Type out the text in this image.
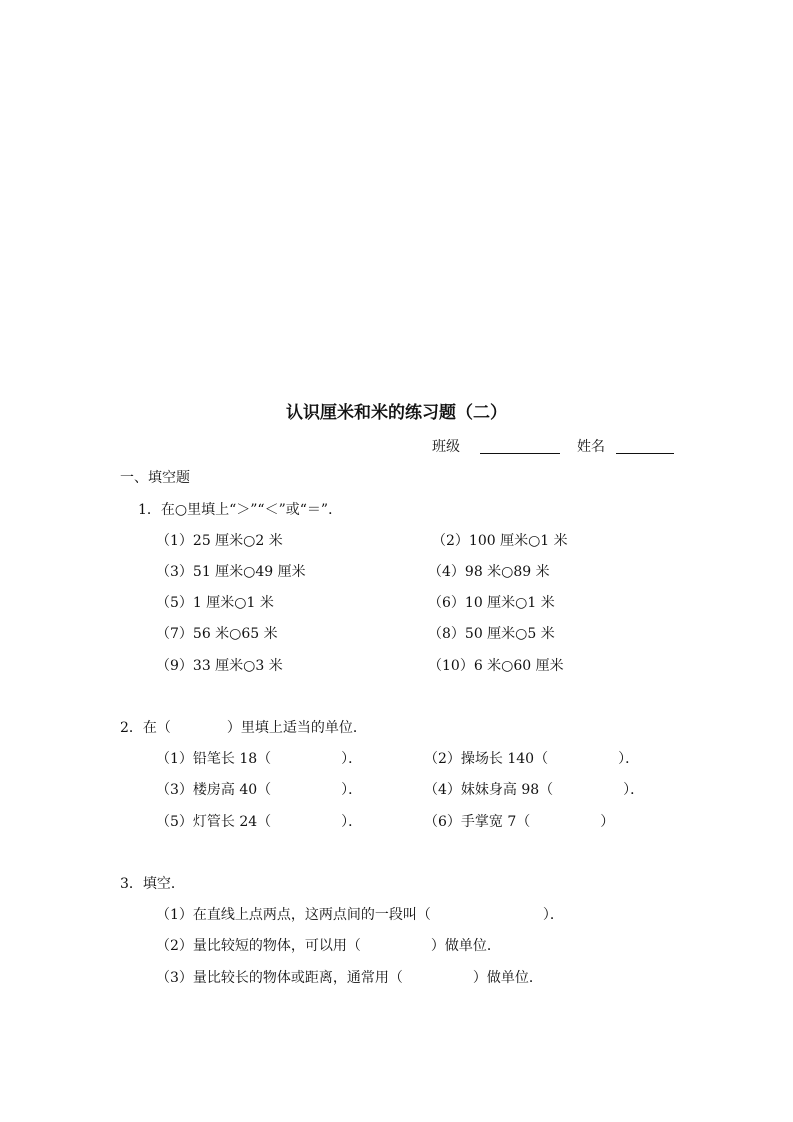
认识厘米和米的练习题（二）
班级	姓名
一、填空题
1．在○里填上“＞”“＜”或“＝”．
（1）25 厘米○2 米	（2）100 厘米○1 米
（3）51 厘米○49 厘米	（4）98 米○89 米
（5）1 厘米○1 米	（6）10 厘米○1 米
（7）56 米○65 米	（8）50 厘米○5 米
（9）33 厘米○3 米	（10）6 米○60 厘米
2．在（　　　　）里填上适当的单位．
（1）铅笔长 18（　　　　　）．	（2）操场长 140（　　　　　）．
（3）楼房高 40（　　　　　）．	（4）妹妹身高 98（　　　　　）．
（5）灯管长 24（　　　　　）．	（6）手掌宽 7（　　　　　）
3．填空．
（1）在直线上点两点，这两点间的一段叫（　　　　　　　　）．
（2）量比较短的物体，可以用（　　　　　）做单位．
（3）量比较长的物体或距离，通常用（　　　　　）做单位．
